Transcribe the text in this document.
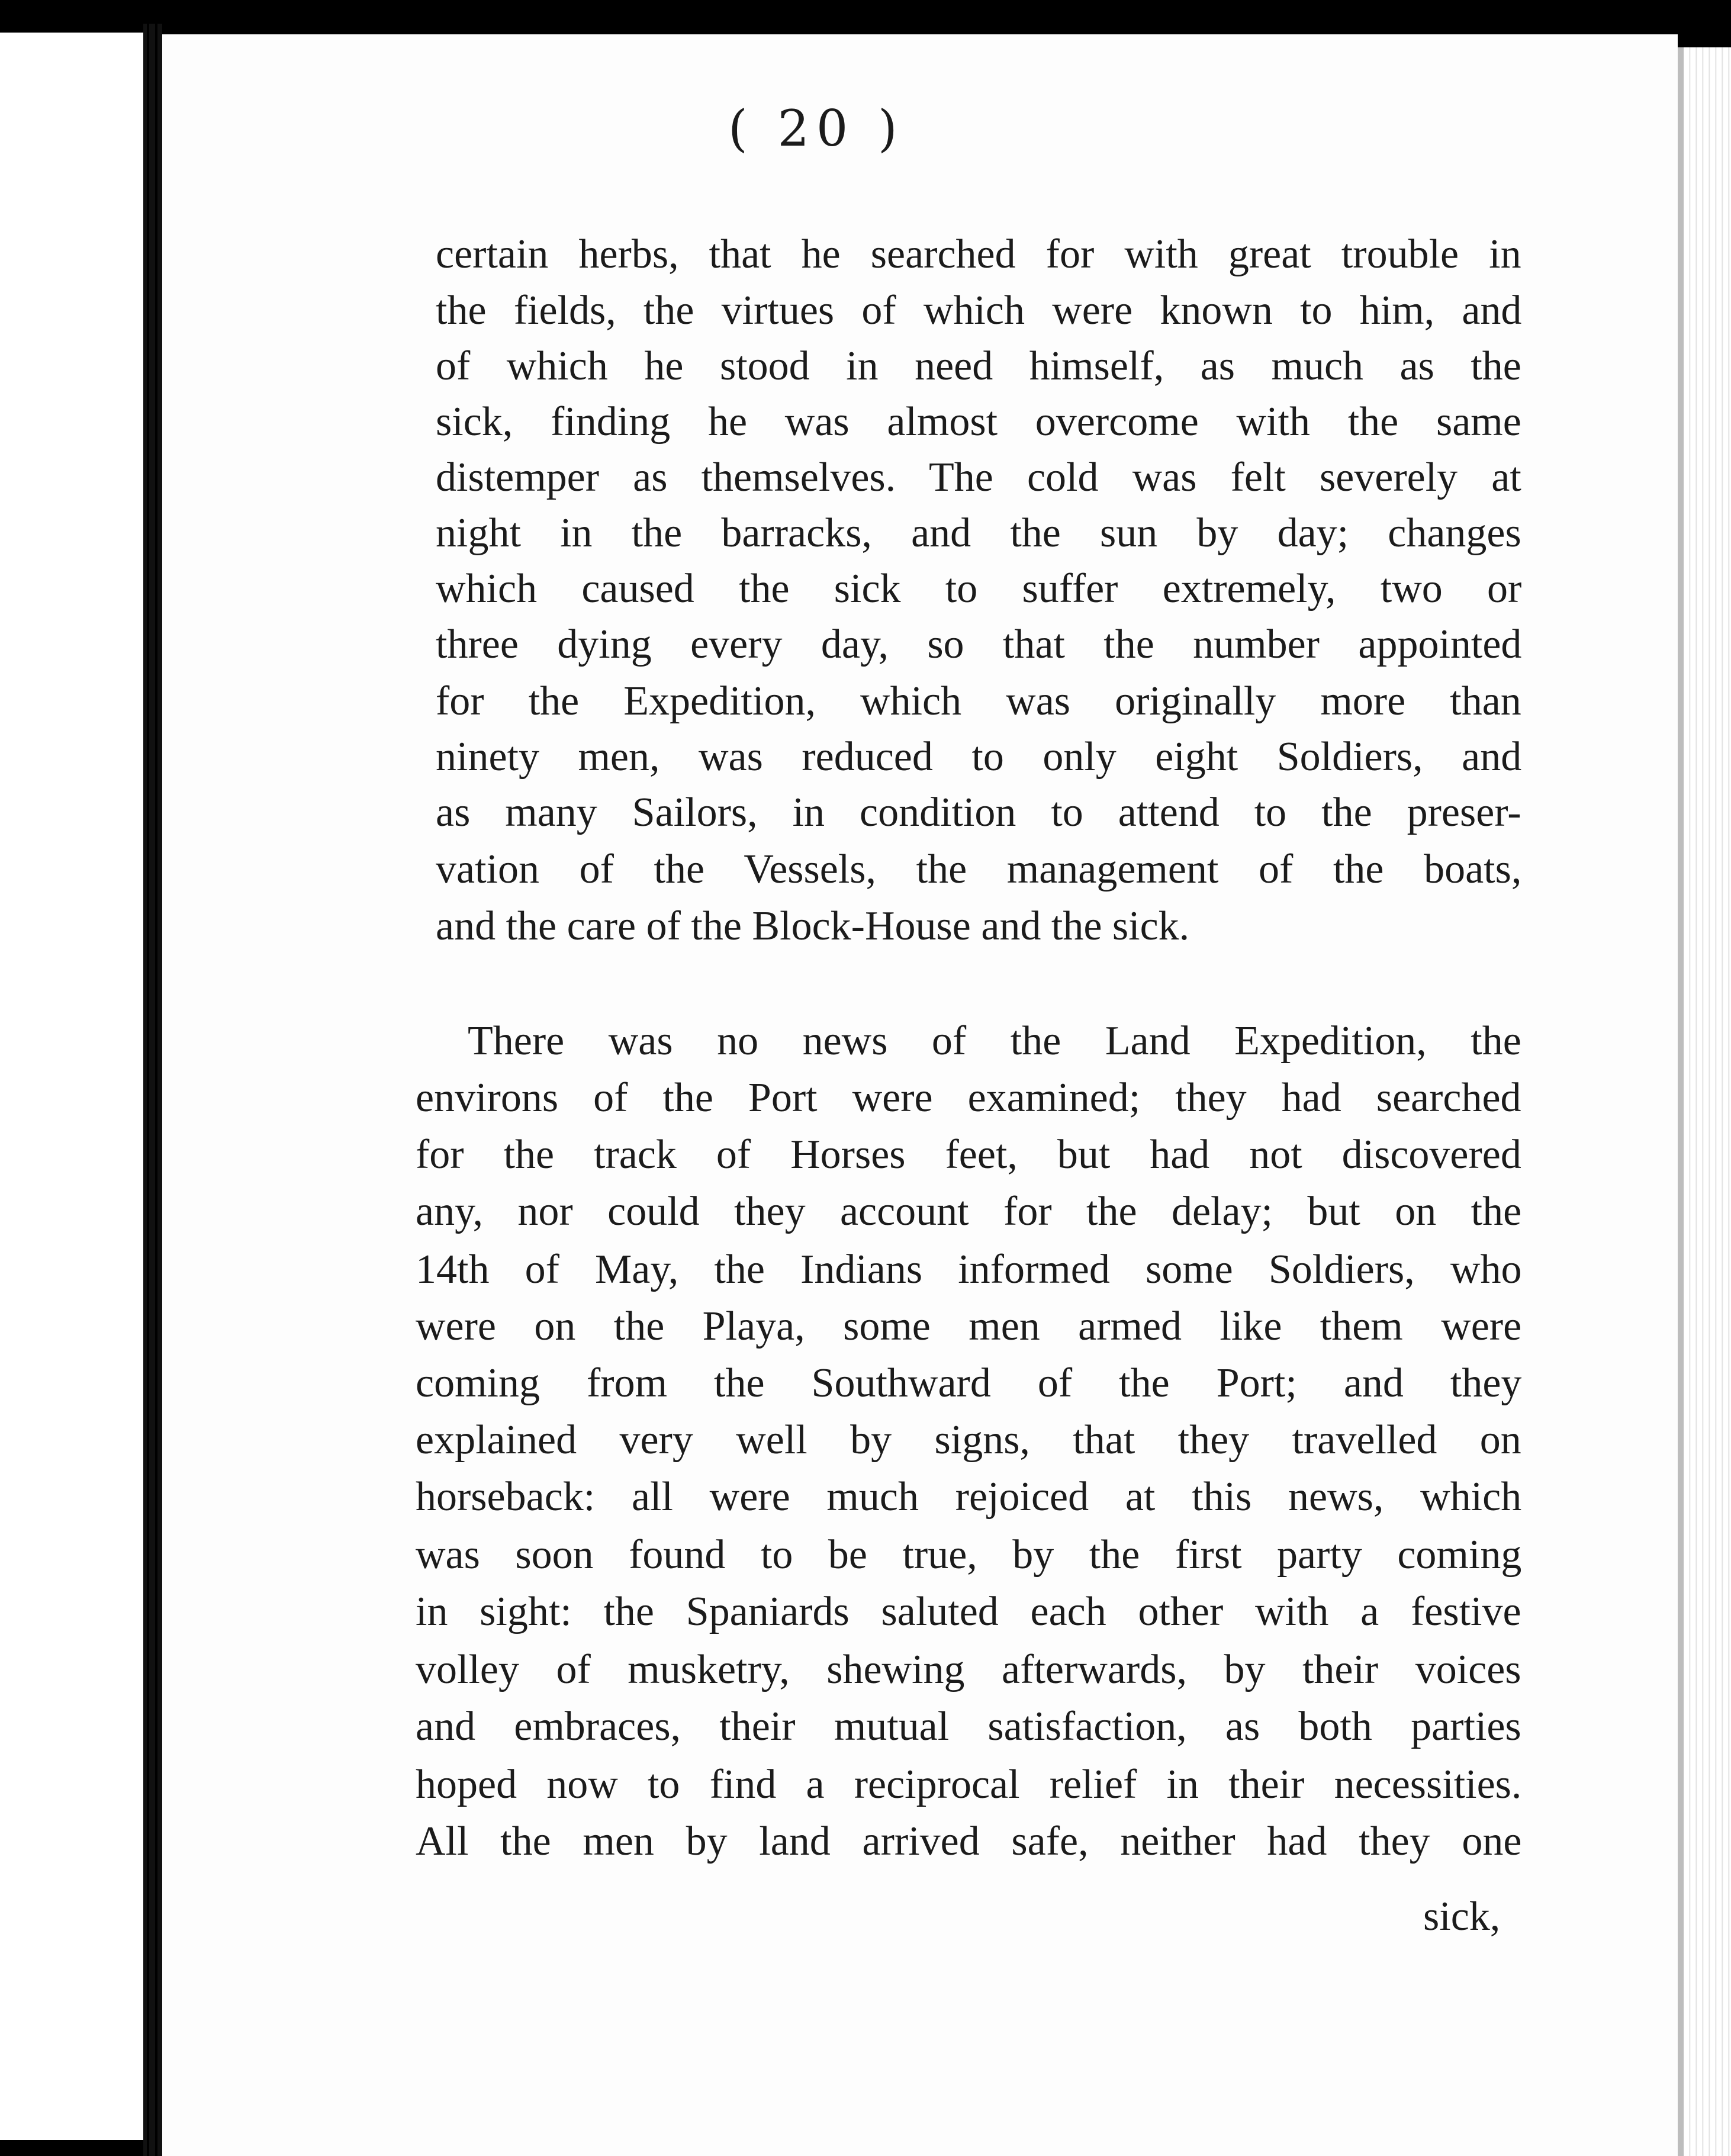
( 20 )
certain herbs, that he searched for with great trouble in
the fields, the virtues of which were known to him, and
of which he stood in need himself, as much as the
sick, finding he was almost overcome with the same
distemper as themselves. The cold was felt severely at
night in the barracks, and the sun by day; changes
which caused the sick to suffer extremely, two or
three dying every day, so that the number appointed
for the Expedition, which was originally more than
ninety men, was reduced to only eight Soldiers, and
as many Sailors, in condition to attend to the preser-
vation of the Vessels, the management of the boats,
and the care of the Block-House and the sick.
There was no news of the Land Expedition, the
environs of the Port were examined; they had searched
for the track of Horses feet, but had not discovered
any, nor could they account for the delay; but on the
14th of May, the Indians informed some Soldiers, who
were on the Playa, some men armed like them were
coming from the Southward of the Port; and they
explained very well by signs, that they travelled on
horseback: all were much rejoiced at this news, which
was soon found to be true, by the first party coming
in sight: the Spaniards saluted each other with a festive
volley of musketry, shewing afterwards, by their voices
and embraces, their mutual satisfaction, as both parties
hoped now to find a reciprocal relief in their necessities.
All the men by land arrived safe, neither had they one
sick,
